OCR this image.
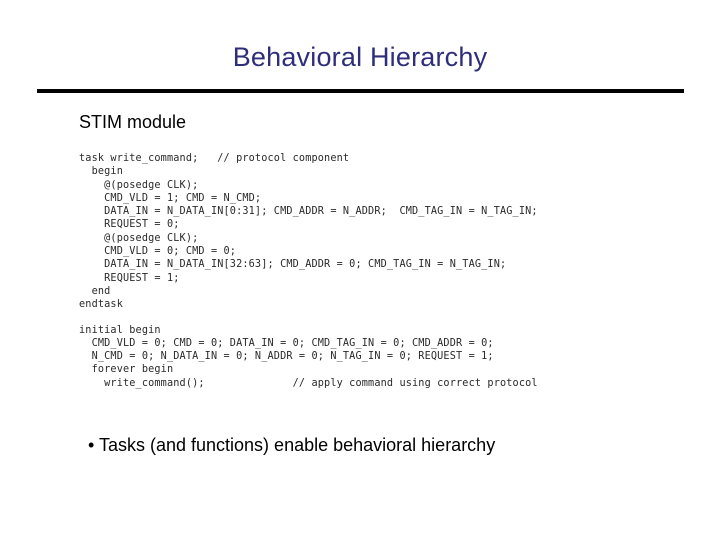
Behavioral Hierarchy
STIM module
task write_command;   // protocol component
begin
@(posedge CLK);
CMD_VLD = 1; CMD = N_CMD;
DATA_IN = N_DATA_IN[0:31]; CMD_ADDR = N_ADDR;  CMD_TAG_IN = N_TAG_IN;
REQUEST = 0;
@(posedge CLK);
CMD_VLD = 0; CMD = 0;
DATA_IN = N_DATA_IN[32:63]; CMD_ADDR = 0; CMD_TAG_IN = N_TAG_IN;
REQUEST = 1;
end
endtask
initial begin
CMD_VLD = 0; CMD = 0; DATA_IN = 0; CMD_TAG_IN = 0; CMD_ADDR = 0;
N_CMD = 0; N_DATA_IN = 0; N_ADDR = 0; N_TAG_IN = 0; REQUEST = 1;
forever begin
write_command();              // apply command using correct protocol
• Tasks (and functions) enable behavioral hierarchy
